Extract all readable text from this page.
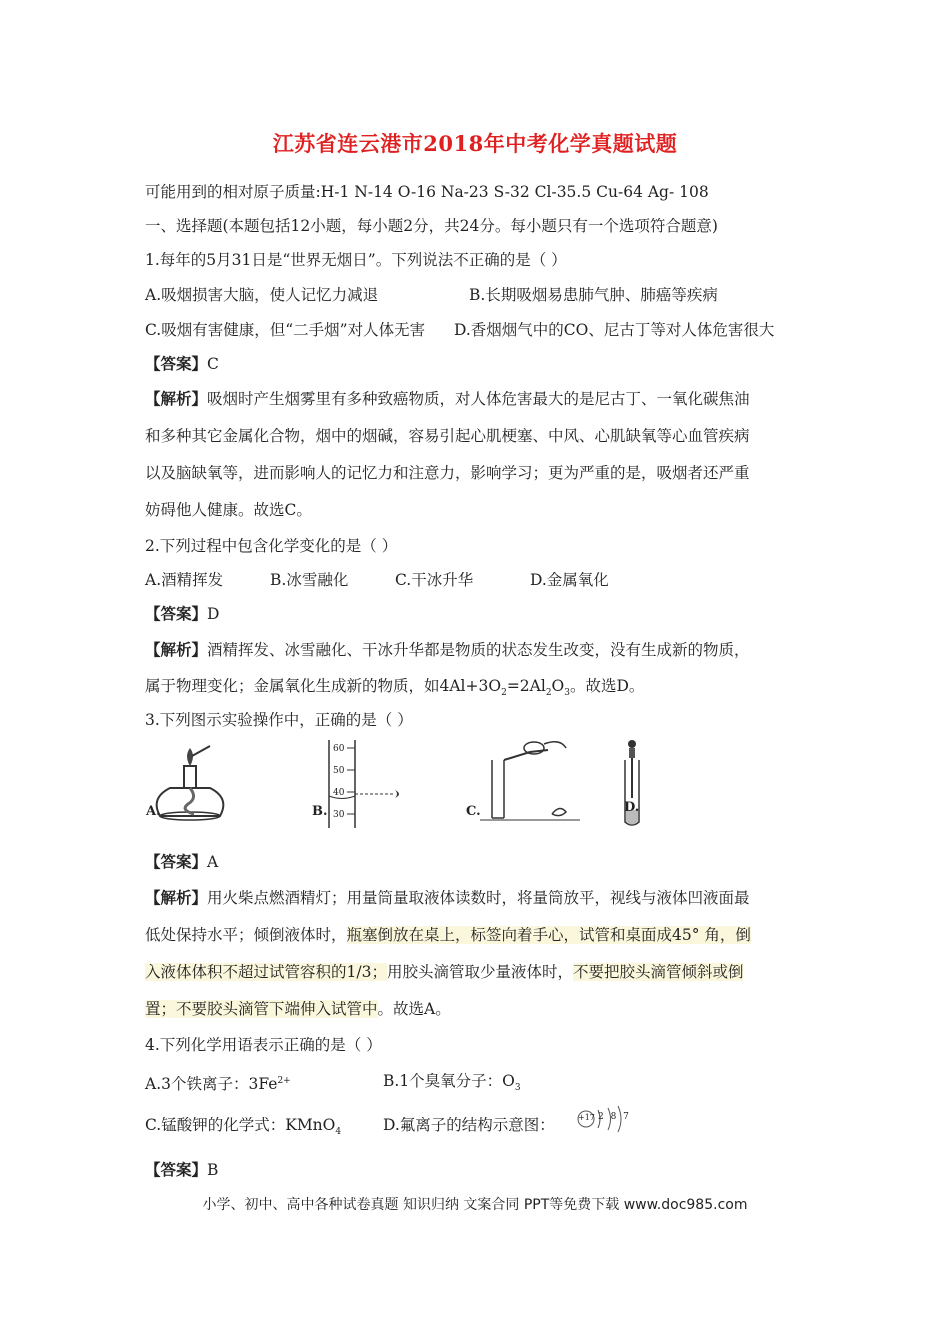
江苏省连云港市2018年中考化学真题试题
可能用到的相对原子质量:H-1 N-14 O-16 Na-23 S-32 Cl-35.5 Cu-64 Ag- 108
一、选择题(本题包括12小题，每小题2分，共24分。每小题只有一个选项符合题意)
1.每年的5月31日是“世界无烟日”。下列说法不正确的是（ ）
A.吸烟损害大脑，使人记忆力减退	B.长期吸烟易患肺气肿、肺癌等疾病
C.吸烟有害健康，但“二手烟”对人体无害 D.香烟烟气中的CO、尼古丁等对人体危害很大
【答案】C
【解析】吸烟时产生烟雾里有多种致癌物质，对人体危害最大的是尼古丁、一氧化碳焦油
和多种其它金属化合物，烟中的烟碱，容易引起心肌梗塞、中风、心肌缺氧等心血管疾病
以及脑缺氧等，进而影响人的记忆力和注意力，影响学习；更为严重的是，吸烟者还严重
妨碍他人健康。故选C。
2.下列过程中包含化学变化的是（ ）
A.酒精挥发	B.冰雪融化	C.干冰升华	D.金属氧化
【答案】D
【解析】酒精挥发、冰雪融化、干冰升华都是物质的状态发生改变，没有生成新的物质，
属于物理变化；金属氧化生成新的物质，如$4Al+3O_2=2Al_2O_3$。故选D。
3.下列图示实验操作中，正确的是（ ）
A.
60
50
40
30
B.	C.	D.
【答案】A
【解析】用火柴点燃酒精灯；用量筒量取液体读数时，将量筒放平，视线与液体凹液面最
低处保持水平；倾倒液体时，瓶塞倒放在桌上，标签向着手心，试管和桌面成45° 角，倒
入液体体积不超过试管容积的1/3；用胶头滴管取少量液体时，不要把胶头滴管倾斜或倒
置；不要胶头滴管下端伸入试管中。故选A。
4.下列化学用语表示正确的是（ ）
A.3个铁离子：$3Fe^{2+}$	B.1个臭氧分子：$O_3$
C.锰酸钾的化学式：KMnO$_4$	D.氟离子的结构示意图：	+17 2 8 7
【答案】B
小学、初中、高中各种试卷真题 知识归纳 文案合同 PPT等免费下载 www.doc985.com
